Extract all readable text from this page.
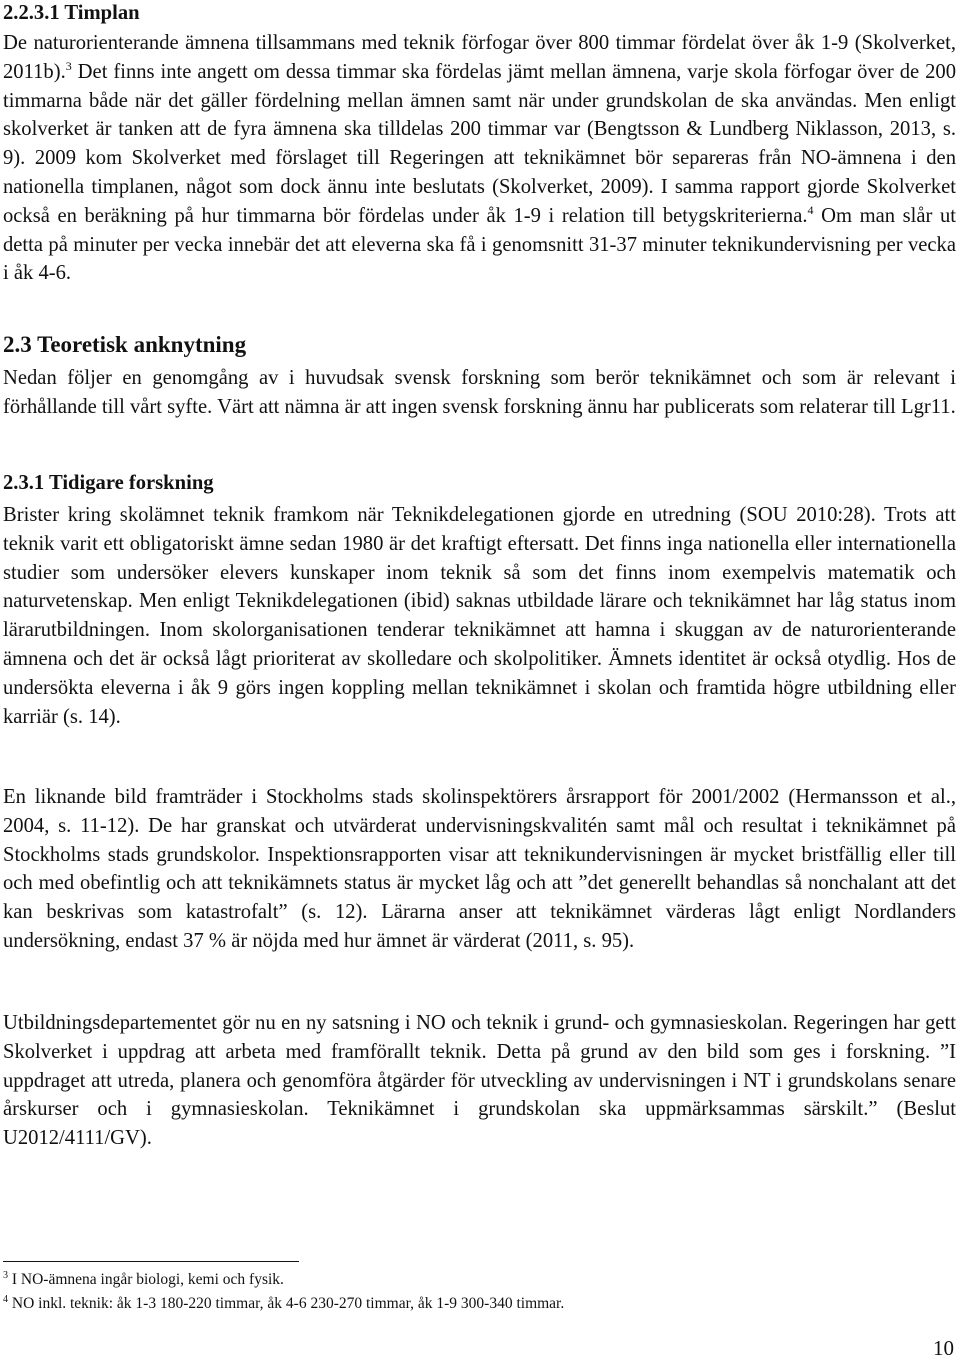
2.2.3.1 Timplan

De naturorienterande ämnena tillsammans med teknik förfogar över 800 timmar fördelat över åk 1-9 (Skolverket, 2011b).$^3$ Det finns inte angett om dessa timmar ska fördelas jämt mellan ämnena, varje skola förfogar över de 200 timmarna både när det gäller fördelning mellan ämnen samt när under grundskolan de ska användas. Men enligt skolverket är tanken att de fyra ämnena ska tilldelas 200 timmar var (Bengtsson & Lundberg Niklasson, 2013, s. 9). 2009 kom Skolverket med förslaget till Regeringen att teknikämnet bör separeras från NO-ämnena i den nationella timplanen, något som dock ännu inte beslutats (Skolverket, 2009). I samma rapport gjorde Skolverket också en beräkning på hur timmarna bör fördelas under åk 1-9 i relation till betygskriterierna.$^4$ Om man slår ut detta på minuter per vecka innebär det att eleverna ska få i genomsnitt 31-37 minuter teknikundervisning per vecka i åk 4-6.

2.3 Teoretisk anknytning

Nedan följer en genomgång av i huvudsak svensk forskning som berör teknikämnet och som är relevant i förhållande till vårt syfte. Värt att nämna är att ingen svensk forskning ännu har publicerats som relaterar till Lgr11.

2.3.1 Tidigare forskning

Brister kring skolämnet teknik framkom när Teknikdelegationen gjorde en utredning (SOU 2010:28). Trots att teknik varit ett obligatoriskt ämne sedan 1980 är det kraftigt eftersatt. Det finns inga nationella eller internationella studier som undersöker elevers kunskaper inom teknik så som det finns inom exempelvis matematik och naturvetenskap. Men enligt Teknikdelegationen (ibid) saknas utbildade lärare och teknikämnet har låg status inom lärarutbildningen. Inom skolorganisationen tenderar teknikämnet att hamna i skuggan av de naturorienterande ämnena och det är också lågt prioriterat av skolledare och skolpolitiker. Ämnets identitet är också otydlig. Hos de undersökta eleverna i åk 9 görs ingen koppling mellan teknikämnet i skolan och framtida högre utbildning eller karriär (s. 14).

En liknande bild framträder i Stockholms stads skolinspektörers årsrapport för 2001/2002 (Hermansson et al., 2004, s. 11-12). De har granskat och utvärderat undervisningskvalitén samt mål och resultat i teknikämnet på Stockholms stads grundskolor. Inspektionsrapporten visar att teknikundervisningen är mycket bristfällig eller till och med obefintlig och att teknikämnets status är mycket låg och att ”det generellt behandlas så nonchalant att det kan beskrivas som katastrofalt” (s. 12). Lärarna anser att teknikämnet värderas lågt enligt Nordlanders undersökning, endast 37 % är nöjda med hur ämnet är värderat (2011, s. 95).

Utbildningsdepartementet gör nu en ny satsning i NO och teknik i grund- och gymnasieskolan. Regeringen har gett Skolverket i uppdrag att arbeta med framförallt teknik. Detta på grund av den bild som ges i forskning. ”I uppdraget att utreda, planera och genomföra åtgärder för utveckling av undervisningen i NT i grundskolans senare årskurser och i gymnasieskolan. Teknikämnet i grundskolan ska uppmärksammas särskilt.” (Beslut U2012/4111/GV).

$^3$ I NO-ämnena ingår biologi, kemi och fysik.
$^4$ NO inkl. teknik: åk 1-3 180-220 timmar, åk 4-6 230-270 timmar, åk 1-9 300-340 timmar.
10
